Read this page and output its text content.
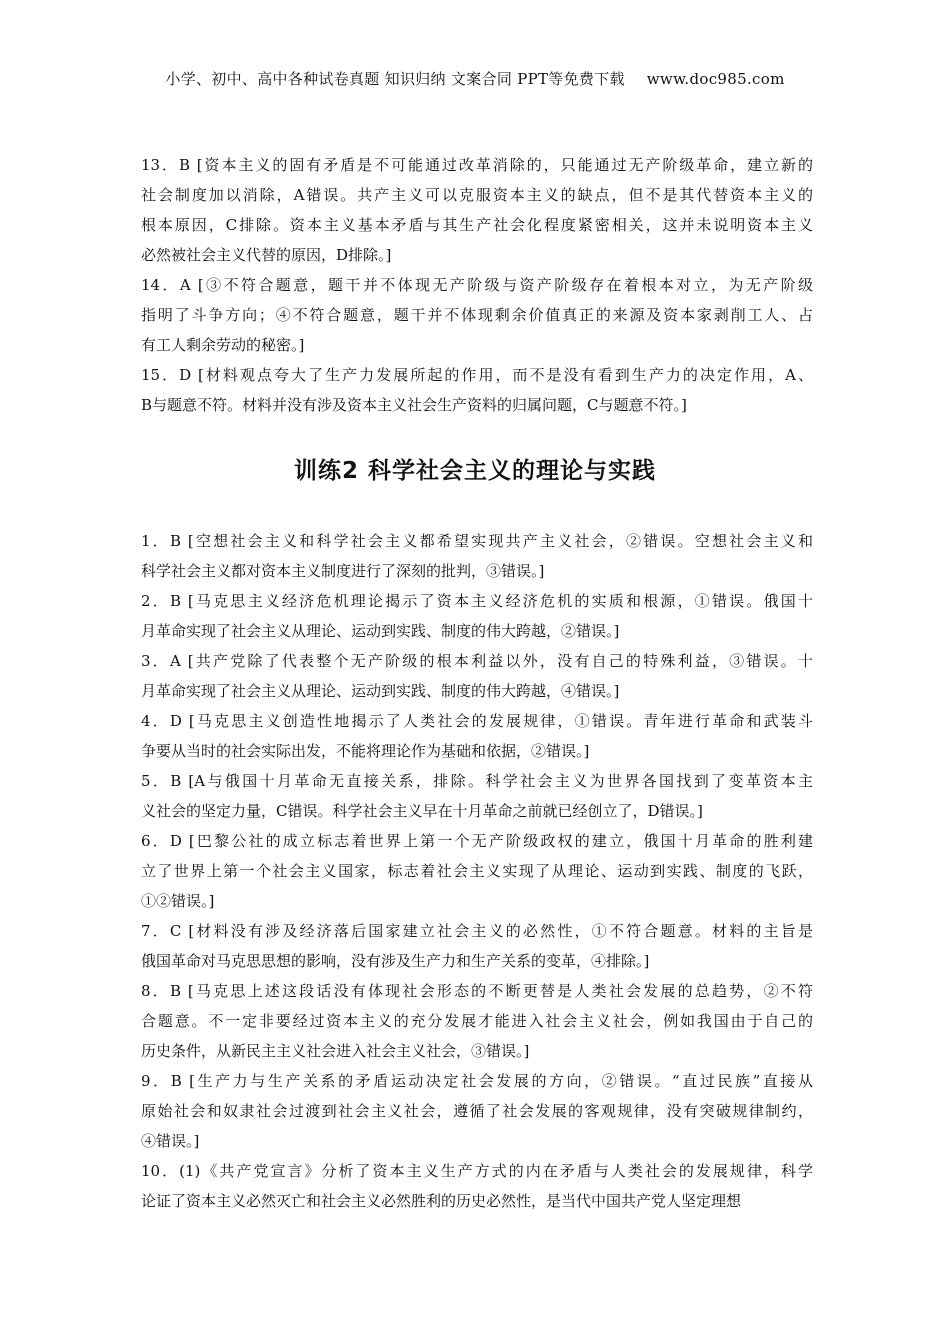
小学、初中、高中各种试卷真题 知识归纳 文案合同 PPT等免费下载 www.doc985.com
13．B [资本主义的固有矛盾是不可能通过改革消除的，只能通过无产阶级革命，建立新的
社会制度加以消除，A错误。共产主义可以克服资本主义的缺点，但不是其代替资本主义的
根本原因，C排除。资本主义基本矛盾与其生产社会化程度紧密相关，这并未说明资本主义
必然被社会主义代替的原因，D排除。]
14．A [③不符合题意，题干并不体现无产阶级与资产阶级存在着根本对立，为无产阶级
指明了斗争方向；④不符合题意，题干并不体现剩余价值真正的来源及资本家剥削工人、占
有工人剩余劳动的秘密。]
15．D [材料观点夸大了生产力发展所起的作用，而不是没有看到生产力的决定作用，A、
B与题意不符。材料并没有涉及资本主义社会生产资料的归属问题，C与题意不符。]
训练2 科学社会主义的理论与实践
1．B [空想社会主义和科学社会主义都希望实现共产主义社会，②错误。空想社会主义和
科学社会主义都对资本主义制度进行了深刻的批判，③错误。]
2．B [马克思主义经济危机理论揭示了资本主义经济危机的实质和根源，①错误。俄国十
月革命实现了社会主义从理论、运动到实践、制度的伟大跨越，②错误。]
3．A [共产党除了代表整个无产阶级的根本利益以外，没有自己的特殊利益，③错误。十
月革命实现了社会主义从理论、运动到实践、制度的伟大跨越，④错误。]
4．D [马克思主义创造性地揭示了人类社会的发展规律，①错误。青年进行革命和武装斗
争要从当时的社会实际出发，不能将理论作为基础和依据，②错误。]
5．B [A与俄国十月革命无直接关系，排除。科学社会主义为世界各国找到了变革资本主
义社会的坚定力量，C错误。科学社会主义早在十月革命之前就已经创立了，D错误。]
6．D [巴黎公社的成立标志着世界上第一个无产阶级政权的建立，俄国十月革命的胜利建
立了世界上第一个社会主义国家，标志着社会主义实现了从理论、运动到实践、制度的飞跃，
①②错误。]
7．C [材料没有涉及经济落后国家建立社会主义的必然性，①不符合题意。材料的主旨是
俄国革命对马克思思想的影响，没有涉及生产力和生产关系的变革，④排除。]
8．B [马克思上述这段话没有体现社会形态的不断更替是人类社会发展的总趋势，②不符
合题意。不一定非要经过资本主义的充分发展才能进入社会主义社会，例如我国由于自己的
历史条件，从新民主主义社会进入社会主义社会，③错误。]
9．B [生产力与生产关系的矛盾运动决定社会发展的方向，②错误。“直过民族”直接从
原始社会和奴隶社会过渡到社会主义社会，遵循了社会发展的客观规律，没有突破规律制约，
④错误。]
10．(1)《共产党宣言》分析了资本主义生产方式的内在矛盾与人类社会的发展规律，科学
论证了资本主义必然灭亡和社会主义必然胜利的历史必然性，是当代中国共产党人坚定理想
